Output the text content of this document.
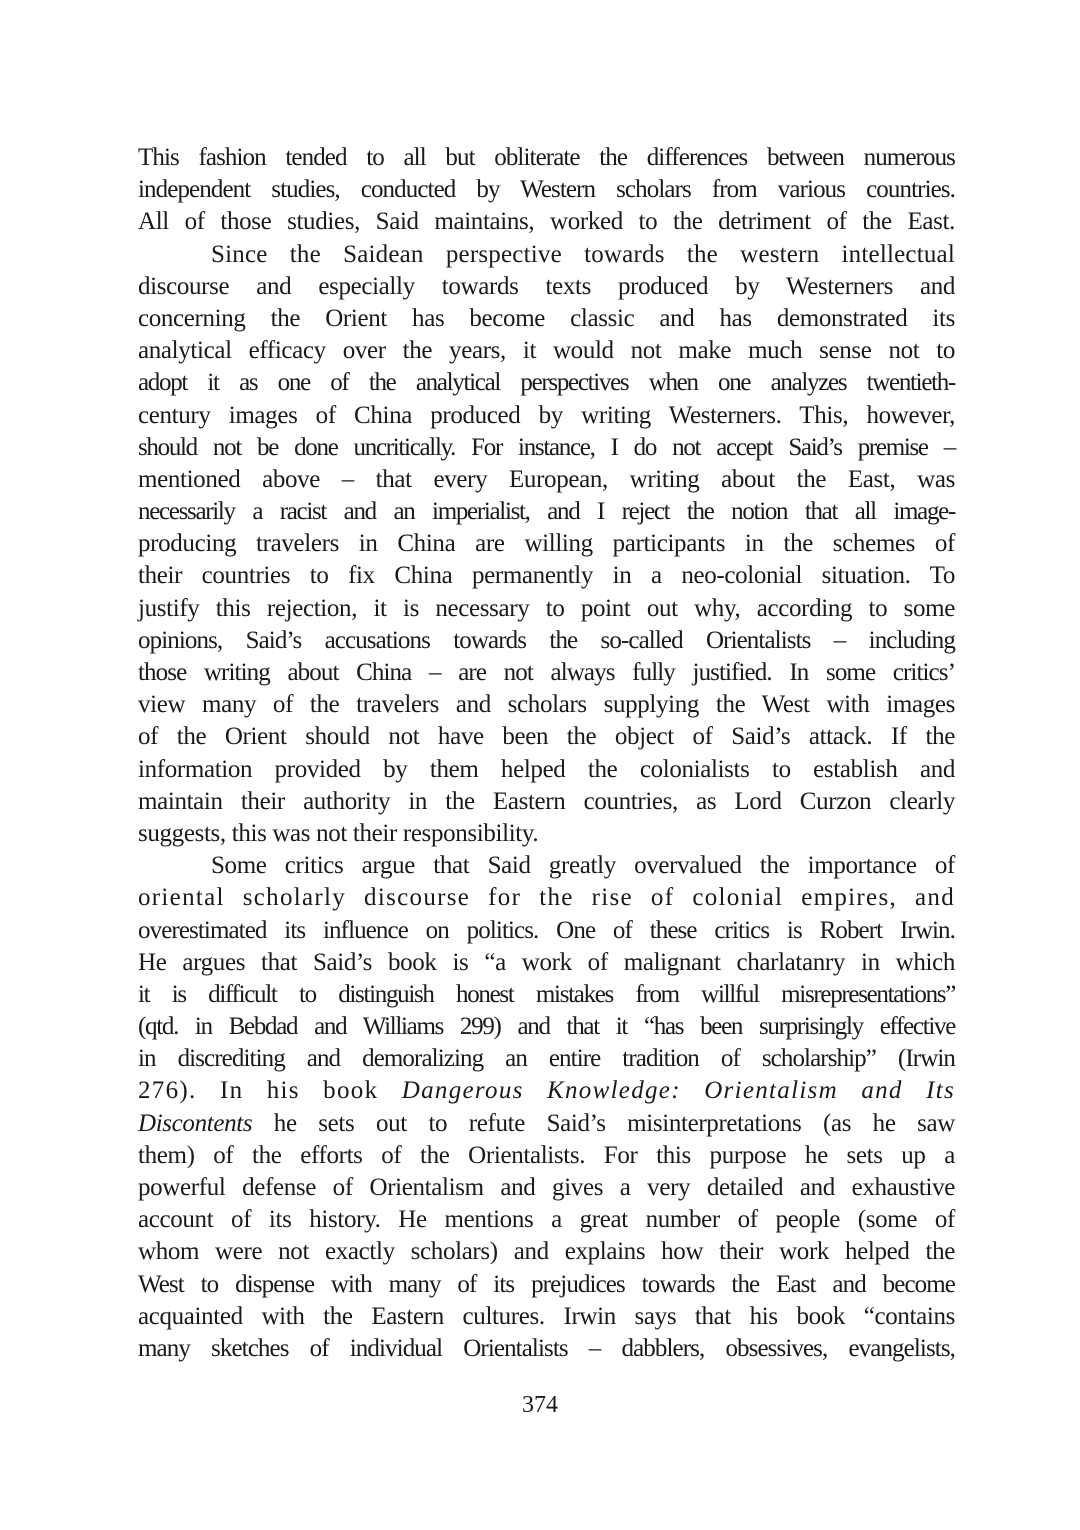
This fashion tended to all but obliterate the differences between numerous
independent studies, conducted by Western scholars from various countries.
All of those studies, Said maintains, worked to the detriment of the East.
Since the Saidean perspective towards the western intellectual
discourse and especially towards texts produced by Westerners and
concerning the Orient has become classic and has demonstrated its
analytical efficacy over the years, it would not make much sense not to
adopt it as one of the analytical perspectives when one analyzes twentieth-
century images of China produced by writing Westerners. This, however,
should not be done uncritically. For instance, I do not accept Said’s premise –
mentioned above – that every European, writing about the East, was
necessarily a racist and an imperialist, and I reject the notion that all image-
producing travelers in China are willing participants in the schemes of
their countries to fix China permanently in a neo-colonial situation. To
justify this rejection, it is necessary to point out why, according to some
opinions, Said’s accusations towards the so-called Orientalists – including
those writing about China – are not always fully justified. In some critics’
view many of the travelers and scholars supplying the West with images
of the Orient should not have been the object of Said’s attack. If the
information provided by them helped the colonialists to establish and
maintain their authority in the Eastern countries, as Lord Curzon clearly
suggests, this was not their responsibility.
Some critics argue that Said greatly overvalued the importance of
oriental scholarly discourse for the rise of colonial empires, and
overestimated its influence on politics. One of these critics is Robert Irwin.
He argues that Said’s book is “a work of malignant charlatanry in which
it is difficult to distinguish honest mistakes from willful misrepresentations”
(qtd. in Bebdad and Williams 299) and that it “has been surprisingly effective
in discrediting and demoralizing an entire tradition of scholarship” (Irwin
276). In his book Dangerous Knowledge: Orientalism and Its
Discontents he sets out to refute Said’s misinterpretations (as he saw
them) of the efforts of the Orientalists. For this purpose he sets up a
powerful defense of Orientalism and gives a very detailed and exhaustive
account of its history. He mentions a great number of people (some of
whom were not exactly scholars) and explains how their work helped the
West to dispense with many of its prejudices towards the East and become
acquainted with the Eastern cultures. Irwin says that his book “contains
many sketches of individual Orientalists – dabblers, obsessives, evangelists,
374
